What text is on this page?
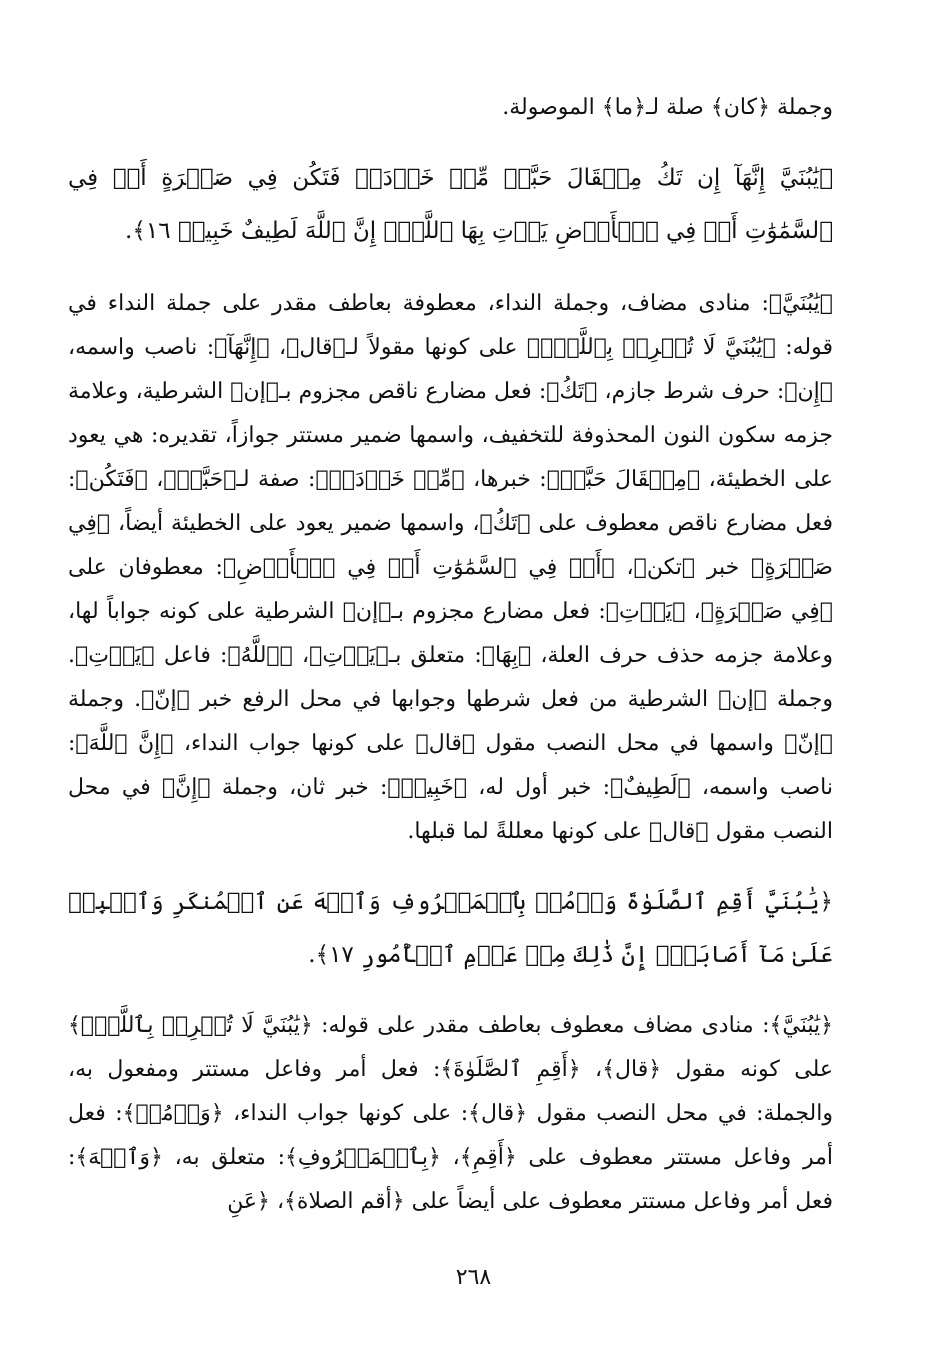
وجملة ﴿كان﴾ صلة لـ﴿ما﴾ الموصولة.

﴿يَٰبُنَيَّ إِنَّهَآ إِن تَكُ مِثۡقَالَ حَبَّةٖ مِّنۡ خَرۡدَلٖ فَتَكُن فِي صَخۡرَةٍ أَوۡ فِي ٱلسَّمَٰوَٰتِ أَوۡ فِي ٱلۡأَرۡضِ يَأۡتِ بِهَا ٱللَّهُۚ إِنَّ ٱللَّهَ لَطِيفٌ خَبِيرٞ ١٦﴾.

﴿يَٰبُنَيَّ﴾: منادى مضاف، وجملة النداء، معطوفة بعاطف مقدر على جملة النداء في قوله: ﴿يَٰبُنَيَّ لَا تُشۡرِكۡ بِٱللَّهِۖ﴾ على كونها مقولاً لـ﴿قال﴾، ﴿إِنَّهَآ﴾: ناصب واسمه، ﴿إِن﴾: حرف شرط جازم، ﴿تَكُ﴾: فعل مضارع ناقص مجزوم بـ﴿إن﴾ الشرطية، وعلامة جزمه سكون النون المحذوفة للتخفيف، واسمها ضمير مستتر جوازاً، تقديره: هي يعود على الخطيئة، ﴿مِثۡقَالَ حَبَّةٖ﴾: خبرها، ﴿مِّنۡ خَرۡدَلٖ﴾: صفة لـ﴿حَبَّةٖ﴾، ﴿فَتَكُن﴾: فعل مضارع ناقص معطوف على ﴿تَكُ﴾، واسمها ضمير يعود على الخطيئة أيضاً، ﴿فِي صَخۡرَةٍ﴾ خبر ﴿تكن﴾، ﴿أَوۡ فِي ٱلسَّمَٰوَٰتِ أَوۡ فِي ٱلۡأَرۡضِ﴾: معطوفان على ﴿فِي صَخۡرَةٍ﴾، ﴿يَأۡتِ﴾: فعل مضارع مجزوم بـ﴿إن﴾ الشرطية على كونه جواباً لها، وعلامة جزمه حذف حرف العلة، ﴿بِهَا﴾: متعلق بـ﴿يَأۡتِ﴾، ﴿ٱللَّهُ﴾: فاعل ﴿يَأۡتِ﴾. وجملة ﴿إن﴾ الشرطية من فعل شرطها وجوابها في محل الرفع خبر ﴿إنّ﴾. وجملة ﴿إنّ﴾ واسمها في محل النصب مقول ﴿قال﴾ على كونها جواب النداء، ﴿إِنَّ ٱللَّهَ﴾: ناصب واسمه، ﴿لَطِيفٌ﴾: خبر أول له، ﴿خَبِيرٞ﴾: خبر ثان، وجملة ﴿إِنَّ﴾ في محل النصب مقول ﴿قال﴾ على كونها معللةً لما قبلها.

﴿يَٰبُنَيَّ أَقِمِ ٱلصَّلَوٰةَ وَأۡمُرۡ بِٱلۡمَعۡرُوفِ وَٱنۡهَ عَنِ ٱلۡمُنكَرِ وَٱصۡبِرۡ عَلَىٰ مَآ أَصَابَكَۖ إِنَّ ذَٰلِكَ مِنۡ عَزۡمِ ٱلۡأُمُورِ ١٧﴾.

﴿يَٰبُنَيَّ﴾: منادى مضاف معطوف بعاطف مقدر على قوله: ﴿يَٰبُنَيَّ لَا تُشۡرِكۡ بِٱللَّهِۖ﴾ على كونه مقول ﴿قال﴾، ﴿أَقِمِ ٱلصَّلَوٰةَ﴾: فعل أمر وفاعل مستتر ومفعول به، والجملة: في محل النصب مقول ﴿قال﴾: على كونها جواب النداء، ﴿وَأۡمُرۡ﴾: فعل أمر وفاعل مستتر معطوف على ﴿أَقِمِ﴾، ﴿بِٱلۡمَعۡرُوفِ﴾: متعلق به، ﴿وَٱنۡهَ﴾: فعل أمر وفاعل مستتر معطوف على أيضاً على ﴿أقم الصلاة﴾، ﴿عَنِ

٢٦٨
